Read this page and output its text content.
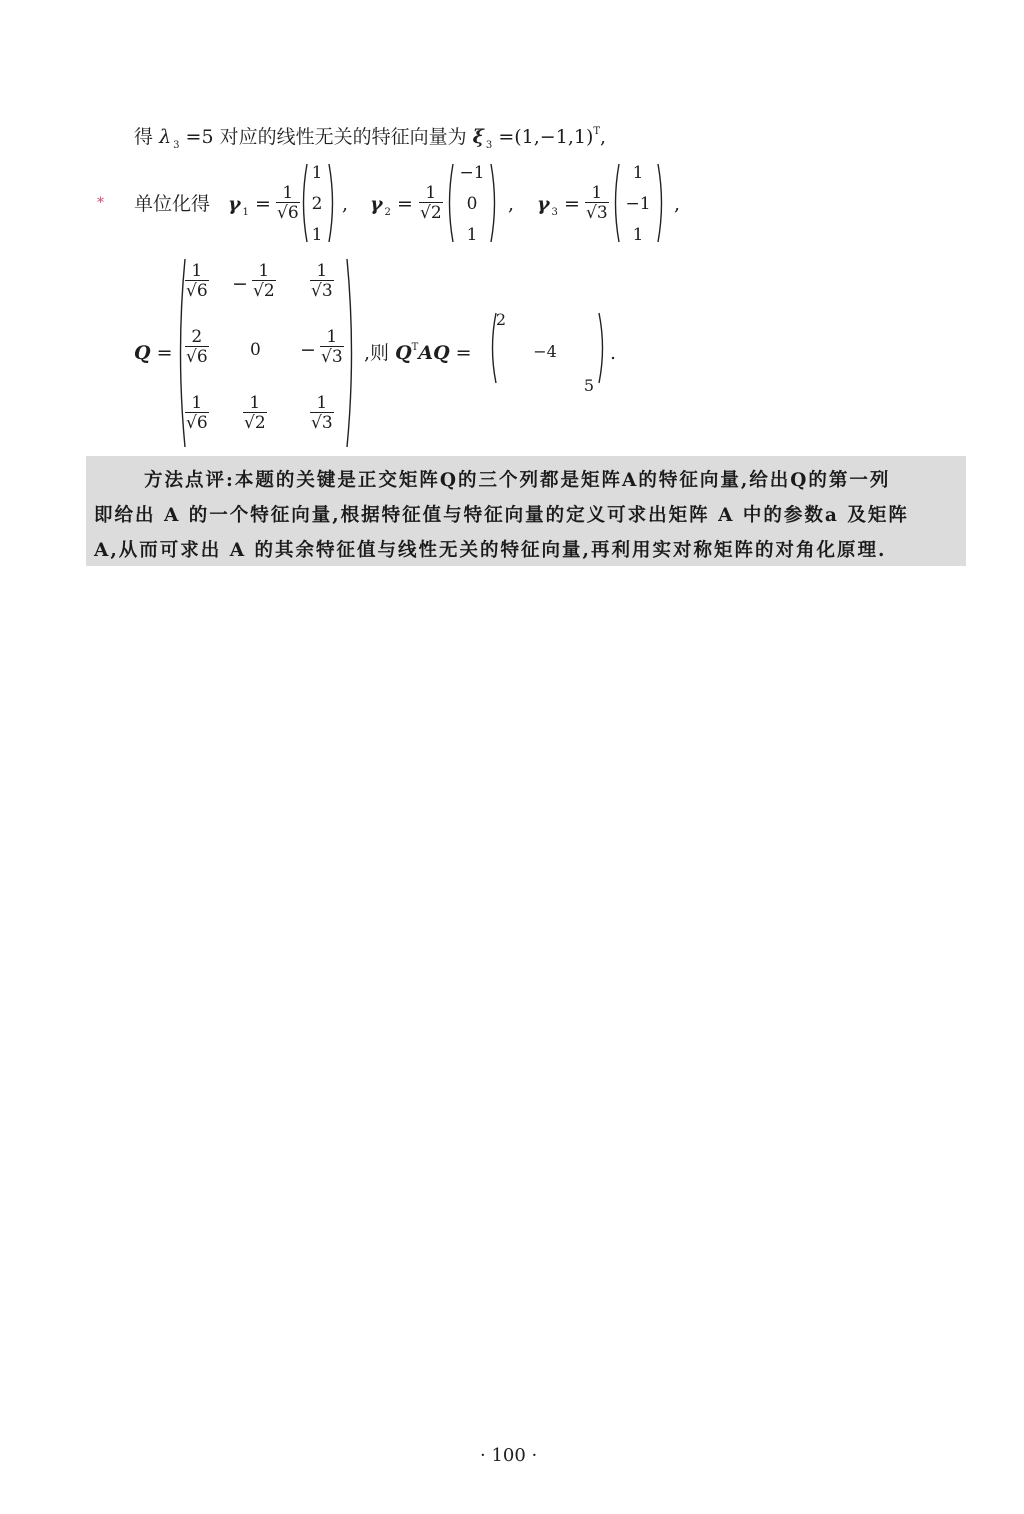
得 λ $_3$ =5 对应的线性无关的特征向量为 ξ $_3 =(1,-1,1)^T$,
* 单位化得 γ $_1 = \frac{1}{√6}$
1
2
1
, γ $_2 = \frac{1}{√2}$
−1
0
1
, γ $_3 = \frac{1}{√3}$
1
−1
1
,
Q =
$\frac{1}{√6} - \frac{1}{√2} \frac{1}{√3}$
$\frac{2}{√6} 0 - \frac{1}{√3}$
$\frac{1}{√6} \frac{1}{√2}$	$\frac{1}{√3}$
,则 $Q^TAQ$ =
2
−4
5
.
方法点评:本题的关键是正交矩阵Q的三个列都是矩阵A的特征向量,给出Q的第一列
即给出 A 的一个特征向量,根据特征值与特征向量的定义可求出矩阵 A 中的参数a 及矩阵
A,从而可求出 A 的其余特征值与线性无关的特征向量,再利用实对称矩阵的对角化原理.
· 100 ·
